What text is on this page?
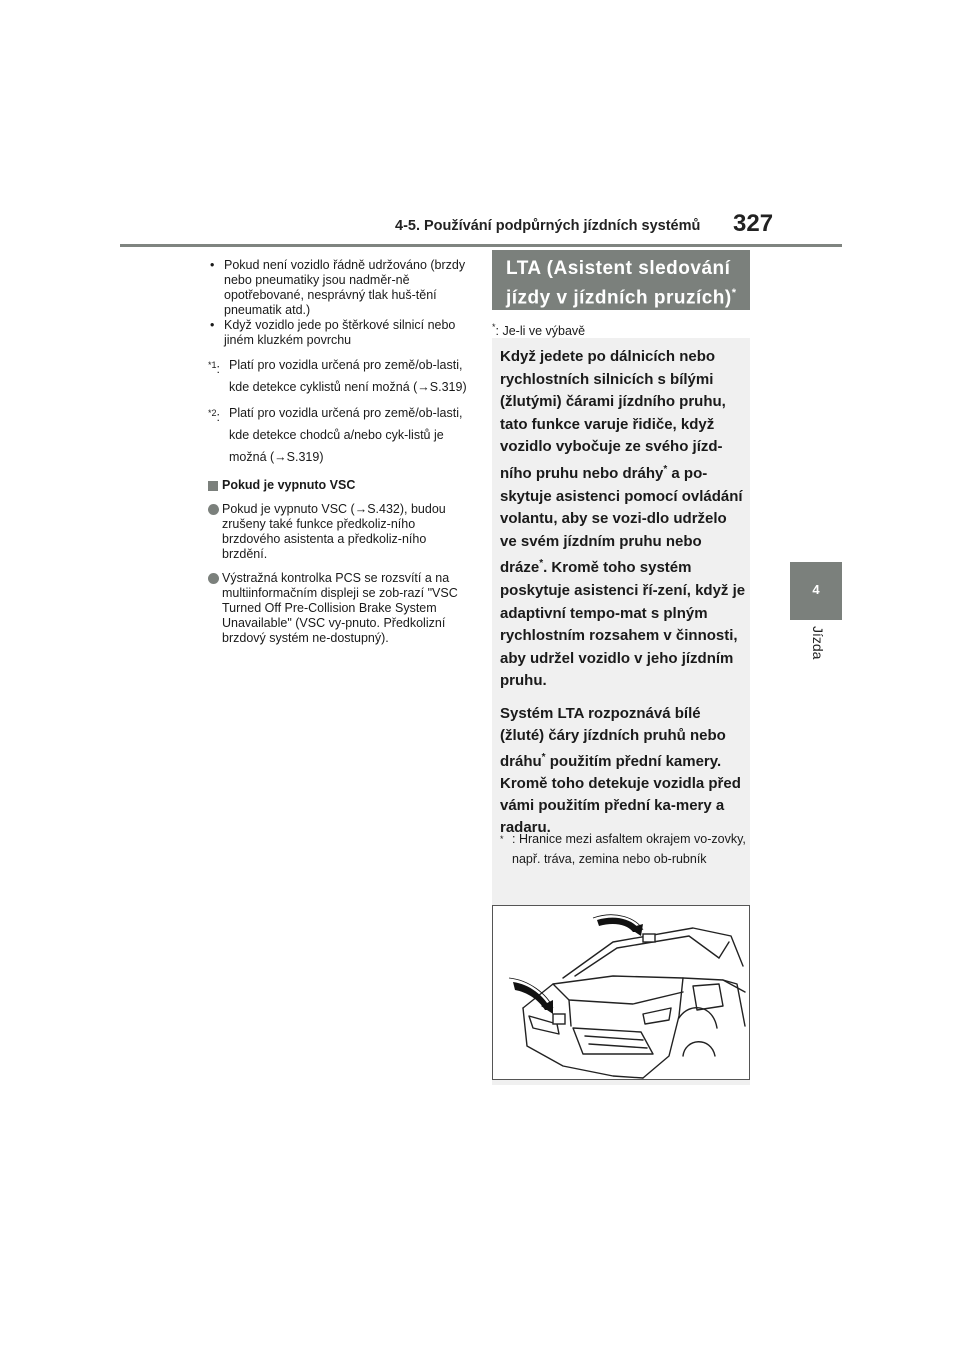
4-5. Používání podpůrných jízdních systémů 327
4
Jízda

• Pokud není vozidlo řádně udržováno (brzdy nebo pneumatiky jsou nadměr-ně opotřebované, nesprávný tlak huš-tění pneumatik atd.)

• Když vozidlo jede po štěrkové silnicí nebo jiném kluzkém povrchu

$^{*1}$: Platí pro vozidla určená pro země/ob-lasti, kde detekce cyklistů není možná (→S.319)
$^{*2}$: Platí pro vozidla určená pro země/ob-lasti, kde detekce chodců a/nebo cyk-listů je možná (→S.319)
Pokud je vypnuto VSC
Pokud je vypnuto VSC (→S.432), budou zrušeny také funkce předkoliz-ního brzdového asistenta a předkoliz-ního brzdění.
Výstražná kontrolka PCS se rozsvítí a na multiinformačním displeji se zob-razí "VSC Turned Off Pre-Collision Brake System Unavailable" (VSC vy-pnuto. Předkolizní brzdový systém ne-dostupný).
LTA (Asistent sledování jízdy v jízdních pruzích)*
*: Je-li ve výbavě

Když jedete po dálnicích nebo rychlostních silnicích s bílými (žlutými) čárami jízdního pruhu, tato funkce varuje řidiče, když vozidlo vybočuje ze svého jízd-ního pruhu nebo dráhy* a po-skytuje asistenci pomocí ovládání volantu, aby se vozi-dlo udrželo ve svém jízdním pruhu nebo dráze*. Kromě toho systém poskytuje asistenci ří-zení, když je adaptivní tempo-mat s plným rychlostním rozsahem v činnosti, aby udržel vozidlo v jeho jízdním pruhu.

Systém LTA rozpoznává bílé (žluté) čáry jízdních pruhů nebo dráhu* použitím přední kamery. Kromě toho detekuje vozidla před vámi použitím přední ka-mery a radaru.

* : Hranice mezi asfaltem okrajem vo-zovky, např. tráva, zemina nebo ob-rubník
